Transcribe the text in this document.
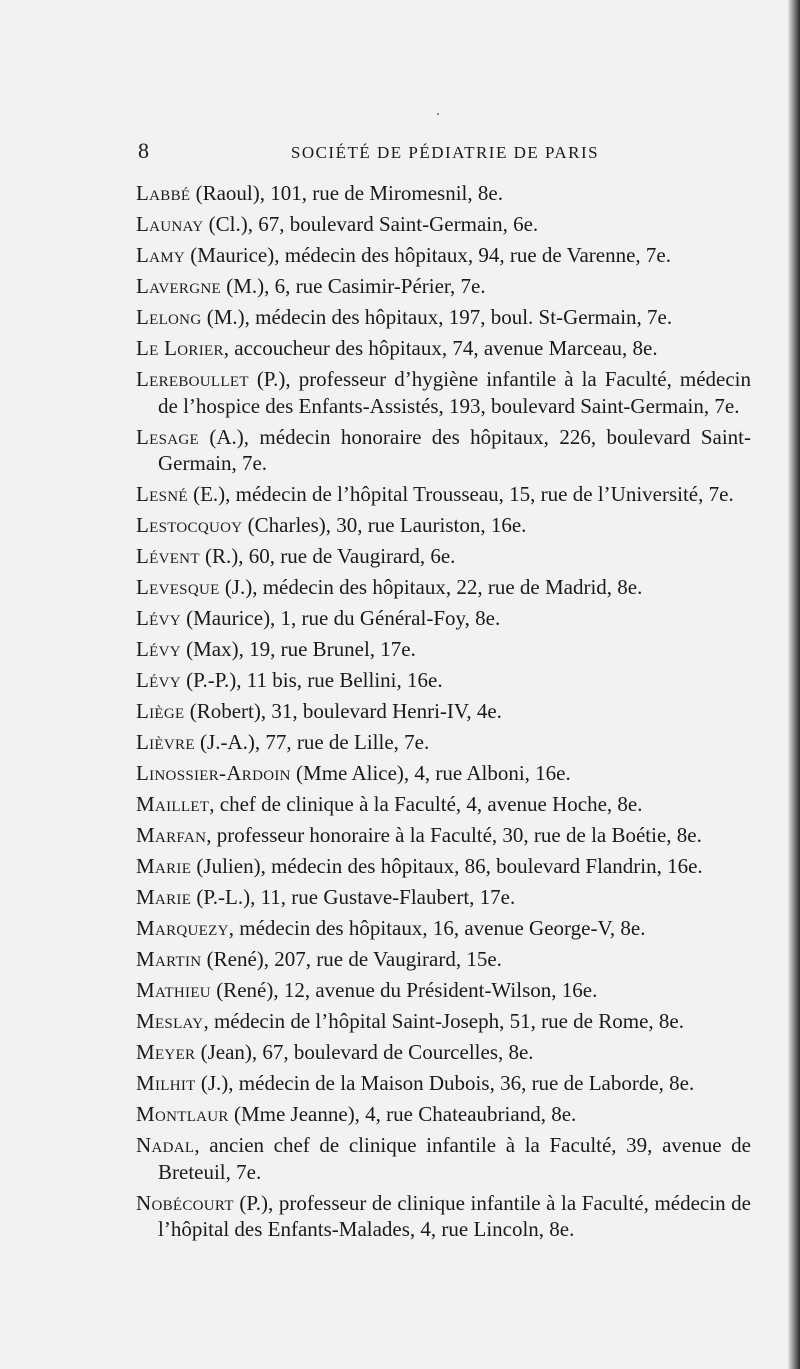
8	SOCIÉTÉ DE PÉDIATRIE DE PARIS

Labbé (Raoul), 101, rue de Miromesnil, 8e.

Launay (Cl.), 67, boulevard Saint-Germain, 6e.

Lamy (Maurice), médecin des hôpitaux, 94, rue de Varenne, 7e.

Lavergne (M.), 6, rue Casimir-Périer, 7e.

Lelong (M.), médecin des hôpitaux, 197, boul. St-Germain, 7e.

Le Lorier, accoucheur des hôpitaux, 74, avenue Marceau, 8e.

Lereboullet (P.), professeur d’hygiène infantile à la Faculté, médecin de l’hospice des Enfants-Assistés, 193, boulevard Saint-Germain, 7e.

Lesage (A.), médecin honoraire des hôpitaux, 226, boulevard Saint-Germain, 7e.

Lesné (E.), médecin de l’hôpital Trousseau, 15, rue de l’Université, 7e.

Lestocquoy (Charles), 30, rue Lauriston, 16e.

Lévent (R.), 60, rue de Vaugirard, 6e.

Levesque (J.), médecin des hôpitaux, 22, rue de Madrid, 8e.

Lévy (Maurice), 1, rue du Général-Foy, 8e.

Lévy (Max), 19, rue Brunel, 17e.

Lévy (P.-P.), 11 bis, rue Bellini, 16e.

Liège (Robert), 31, boulevard Henri-IV, 4e.

Lièvre (J.-A.), 77, rue de Lille, 7e.

Linossier-Ardoin (Mme Alice), 4, rue Alboni, 16e.

Maillet, chef de clinique à la Faculté, 4, avenue Hoche, 8e.

Marfan, professeur honoraire à la Faculté, 30, rue de la Boétie, 8e.

Marie (Julien), médecin des hôpitaux, 86, boulevard Flandrin, 16e.

Marie (P.-L.), 11, rue Gustave-Flaubert, 17e.

Marquezy, médecin des hôpitaux, 16, avenue George-V, 8e.

Martin (René), 207, rue de Vaugirard, 15e.

Mathieu (René), 12, avenue du Président-Wilson, 16e.

Meslay, médecin de l’hôpital Saint-Joseph, 51, rue de Rome, 8e.

Meyer (Jean), 67, boulevard de Courcelles, 8e.

Milhit (J.), médecin de la Maison Dubois, 36, rue de Laborde, 8e.

Montlaur (Mme Jeanne), 4, rue Chateaubriand, 8e.

Nadal, ancien chef de clinique infantile à la Faculté, 39, avenue de Breteuil, 7e.

Nobécourt (P.), professeur de clinique infantile à la Faculté, médecin de l’hôpital des Enfants-Malades, 4, rue Lincoln, 8e.
